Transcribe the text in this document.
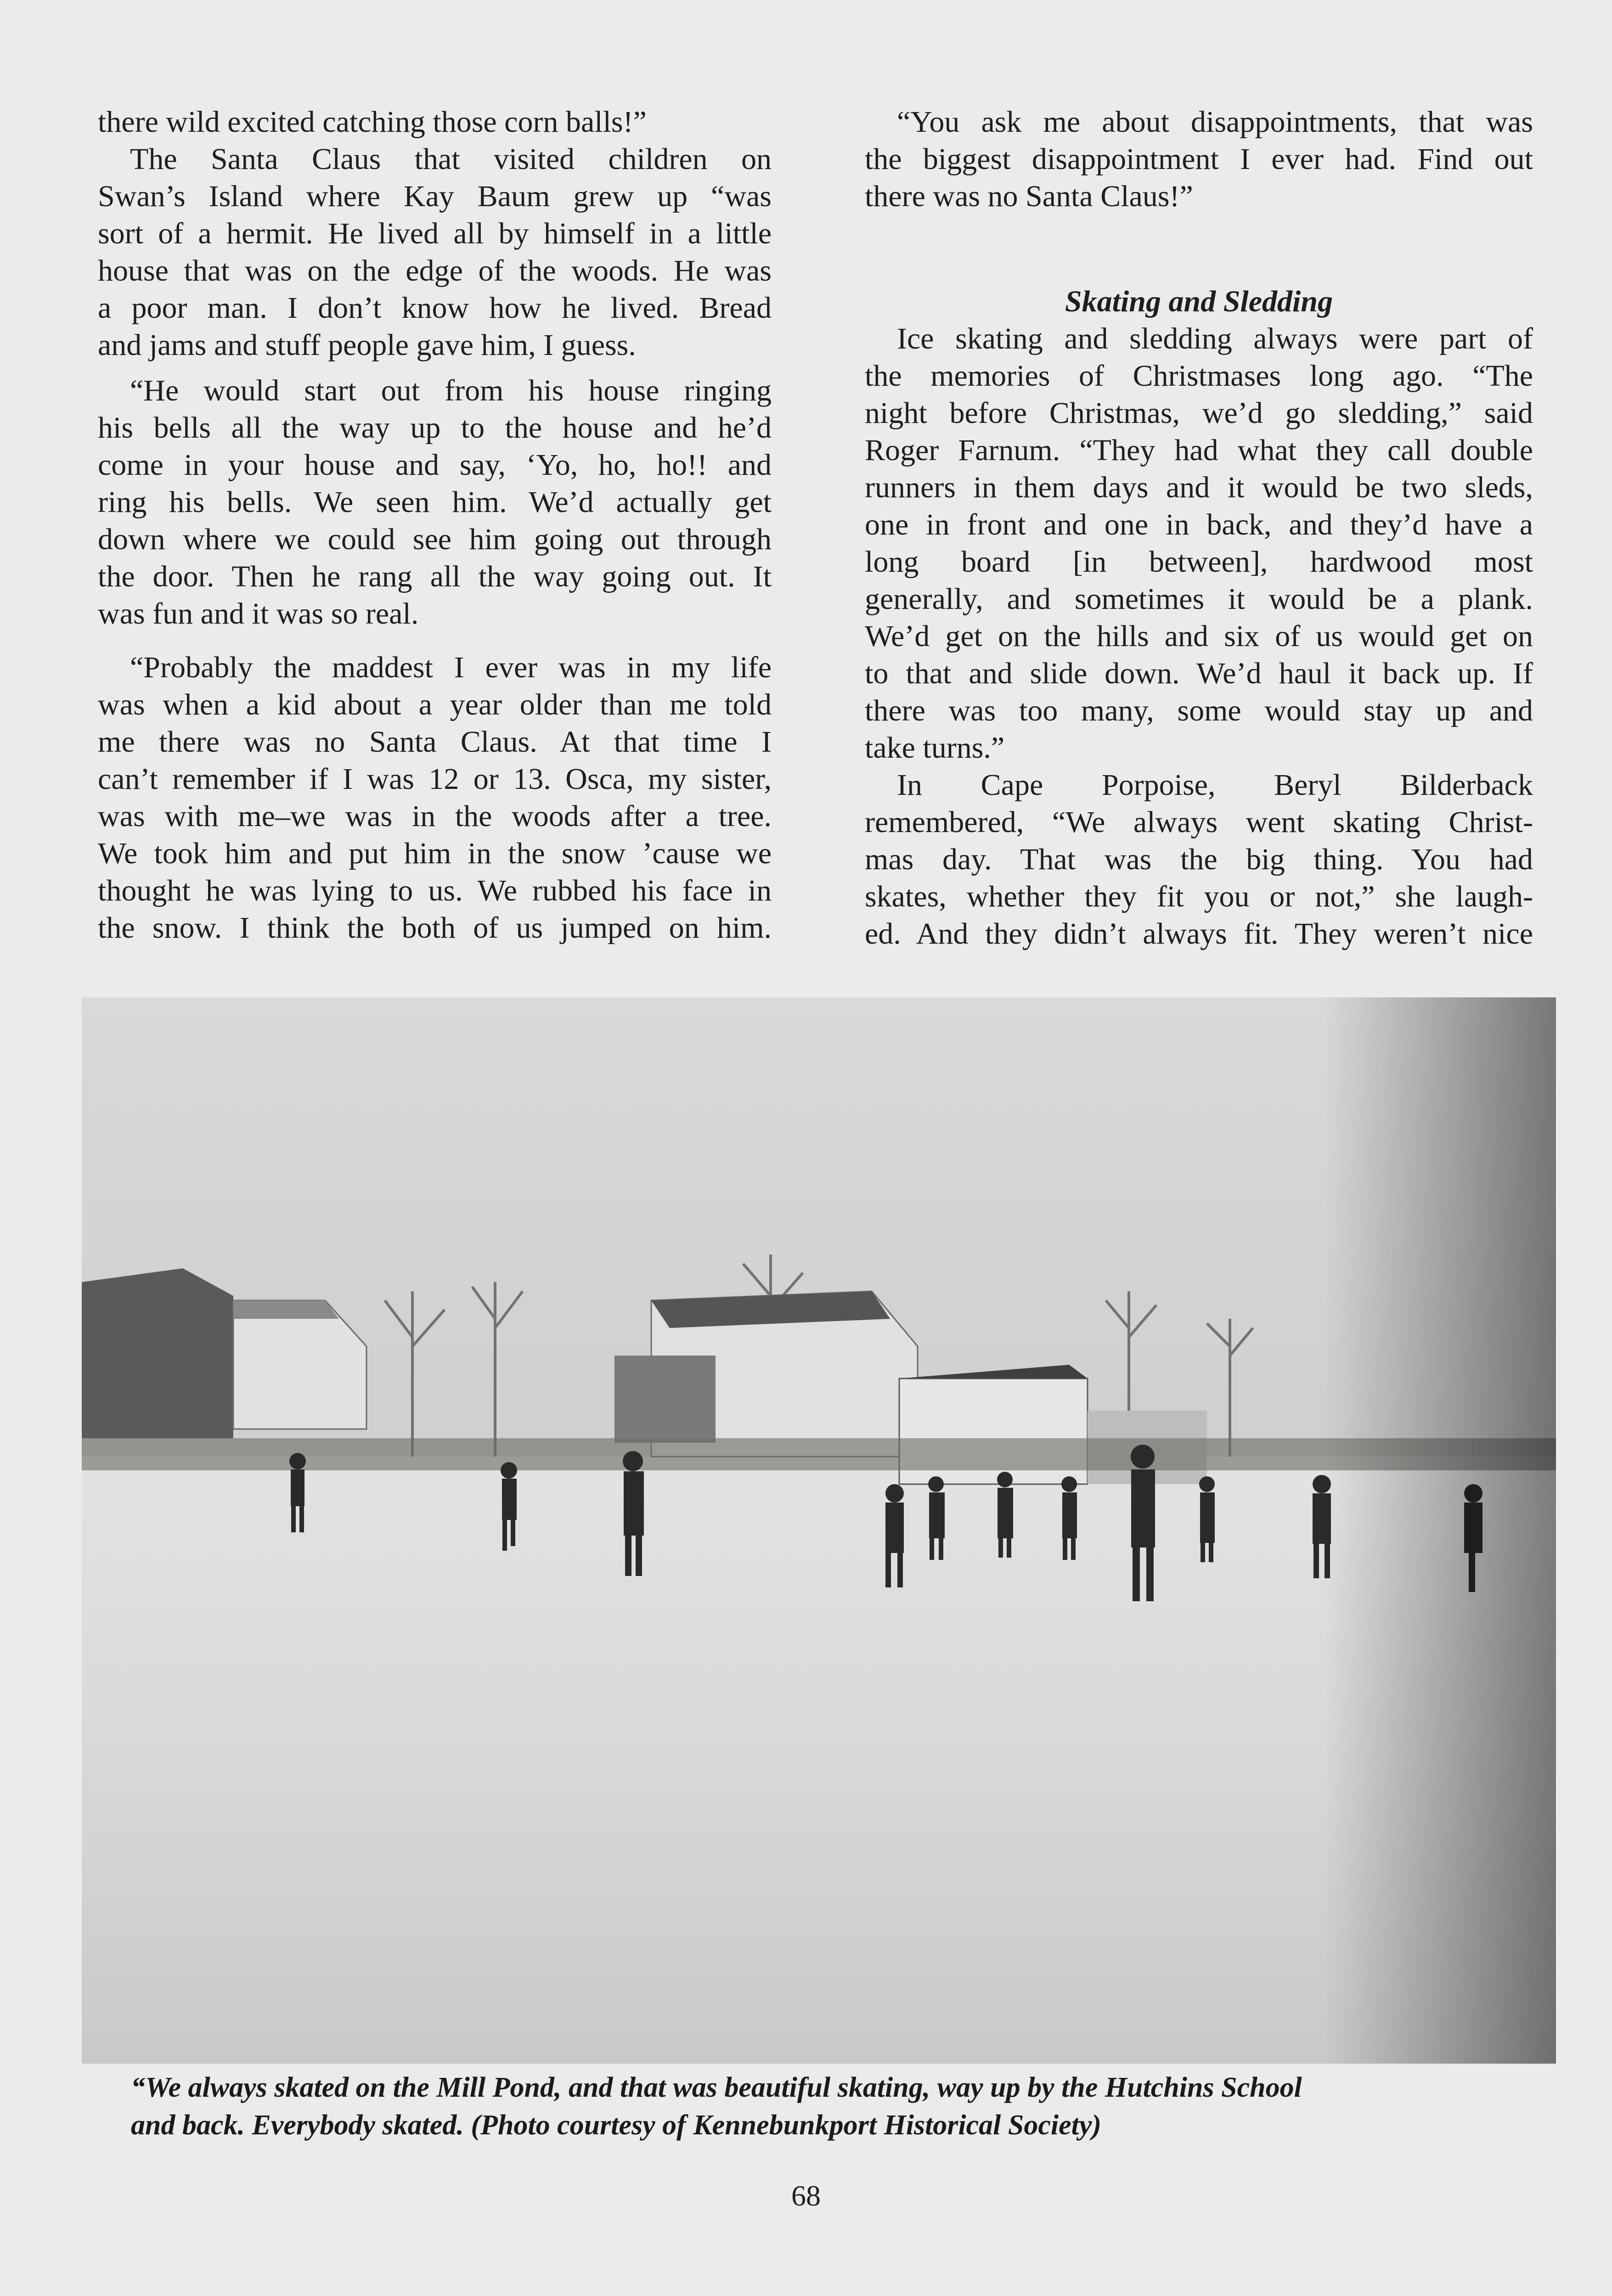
there wild excited catching those corn balls!”

The Santa Claus that visited children on
Swan’s Island where Kay Baum grew up “was
sort of a hermit. He lived all by himself in a little
house that was on the edge of the woods. He was
a poor man. I don’t know how he lived. Bread
and jams and stuff people gave him, I guess.

“He would start out from his house ringing
his bells all the way up to the house and he’d
come in your house and say, ‘Yo, ho, ho!! and
ring his bells. We seen him. We’d actually get
down where we could see him going out through
the door. Then he rang all the way going out. It
was fun and it was so real.

“Probably the maddest I ever was in my life
was when a kid about a year older than me told
me there was no Santa Claus. At that time I
can’t remember if I was 12 or 13. Osca, my sister,
was with me–we was in the woods after a tree.
We took him and put him in the snow ’cause we
thought he was lying to us. We rubbed his face in
the snow. I think the both of us jumped on him.

“You ask me about disappointments, that was
the biggest disappointment I ever had. Find out
there was no Santa Claus!”

Skating and Sledding

Ice skating and sledding always were part of
the memories of Christmases long ago. “The
night before Christmas, we’d go sledding,” said
Roger Farnum. “They had what they call double
runners in them days and it would be two sleds,
one in front and one in back, and they’d have a
long board [in between], hardwood most
generally, and sometimes it would be a plank.
We’d get on the hills and six of us would get on
to that and slide down. We’d haul it back up. If
there was too many, some would stay up and
take turns.”

In Cape Porpoise, Beryl Bilderback
remembered, “We always went skating Christ-
mas day. That was the big thing. You had
skates, whether they fit you or not,” she laugh-
ed. And they didn’t always fit. They weren’t nice

“We always skated on the Mill Pond, and that was beautiful skating, way up by the Hutchins School
and back. Everybody skated. (Photo courtesy of Kennebunkport Historical Society)
68
